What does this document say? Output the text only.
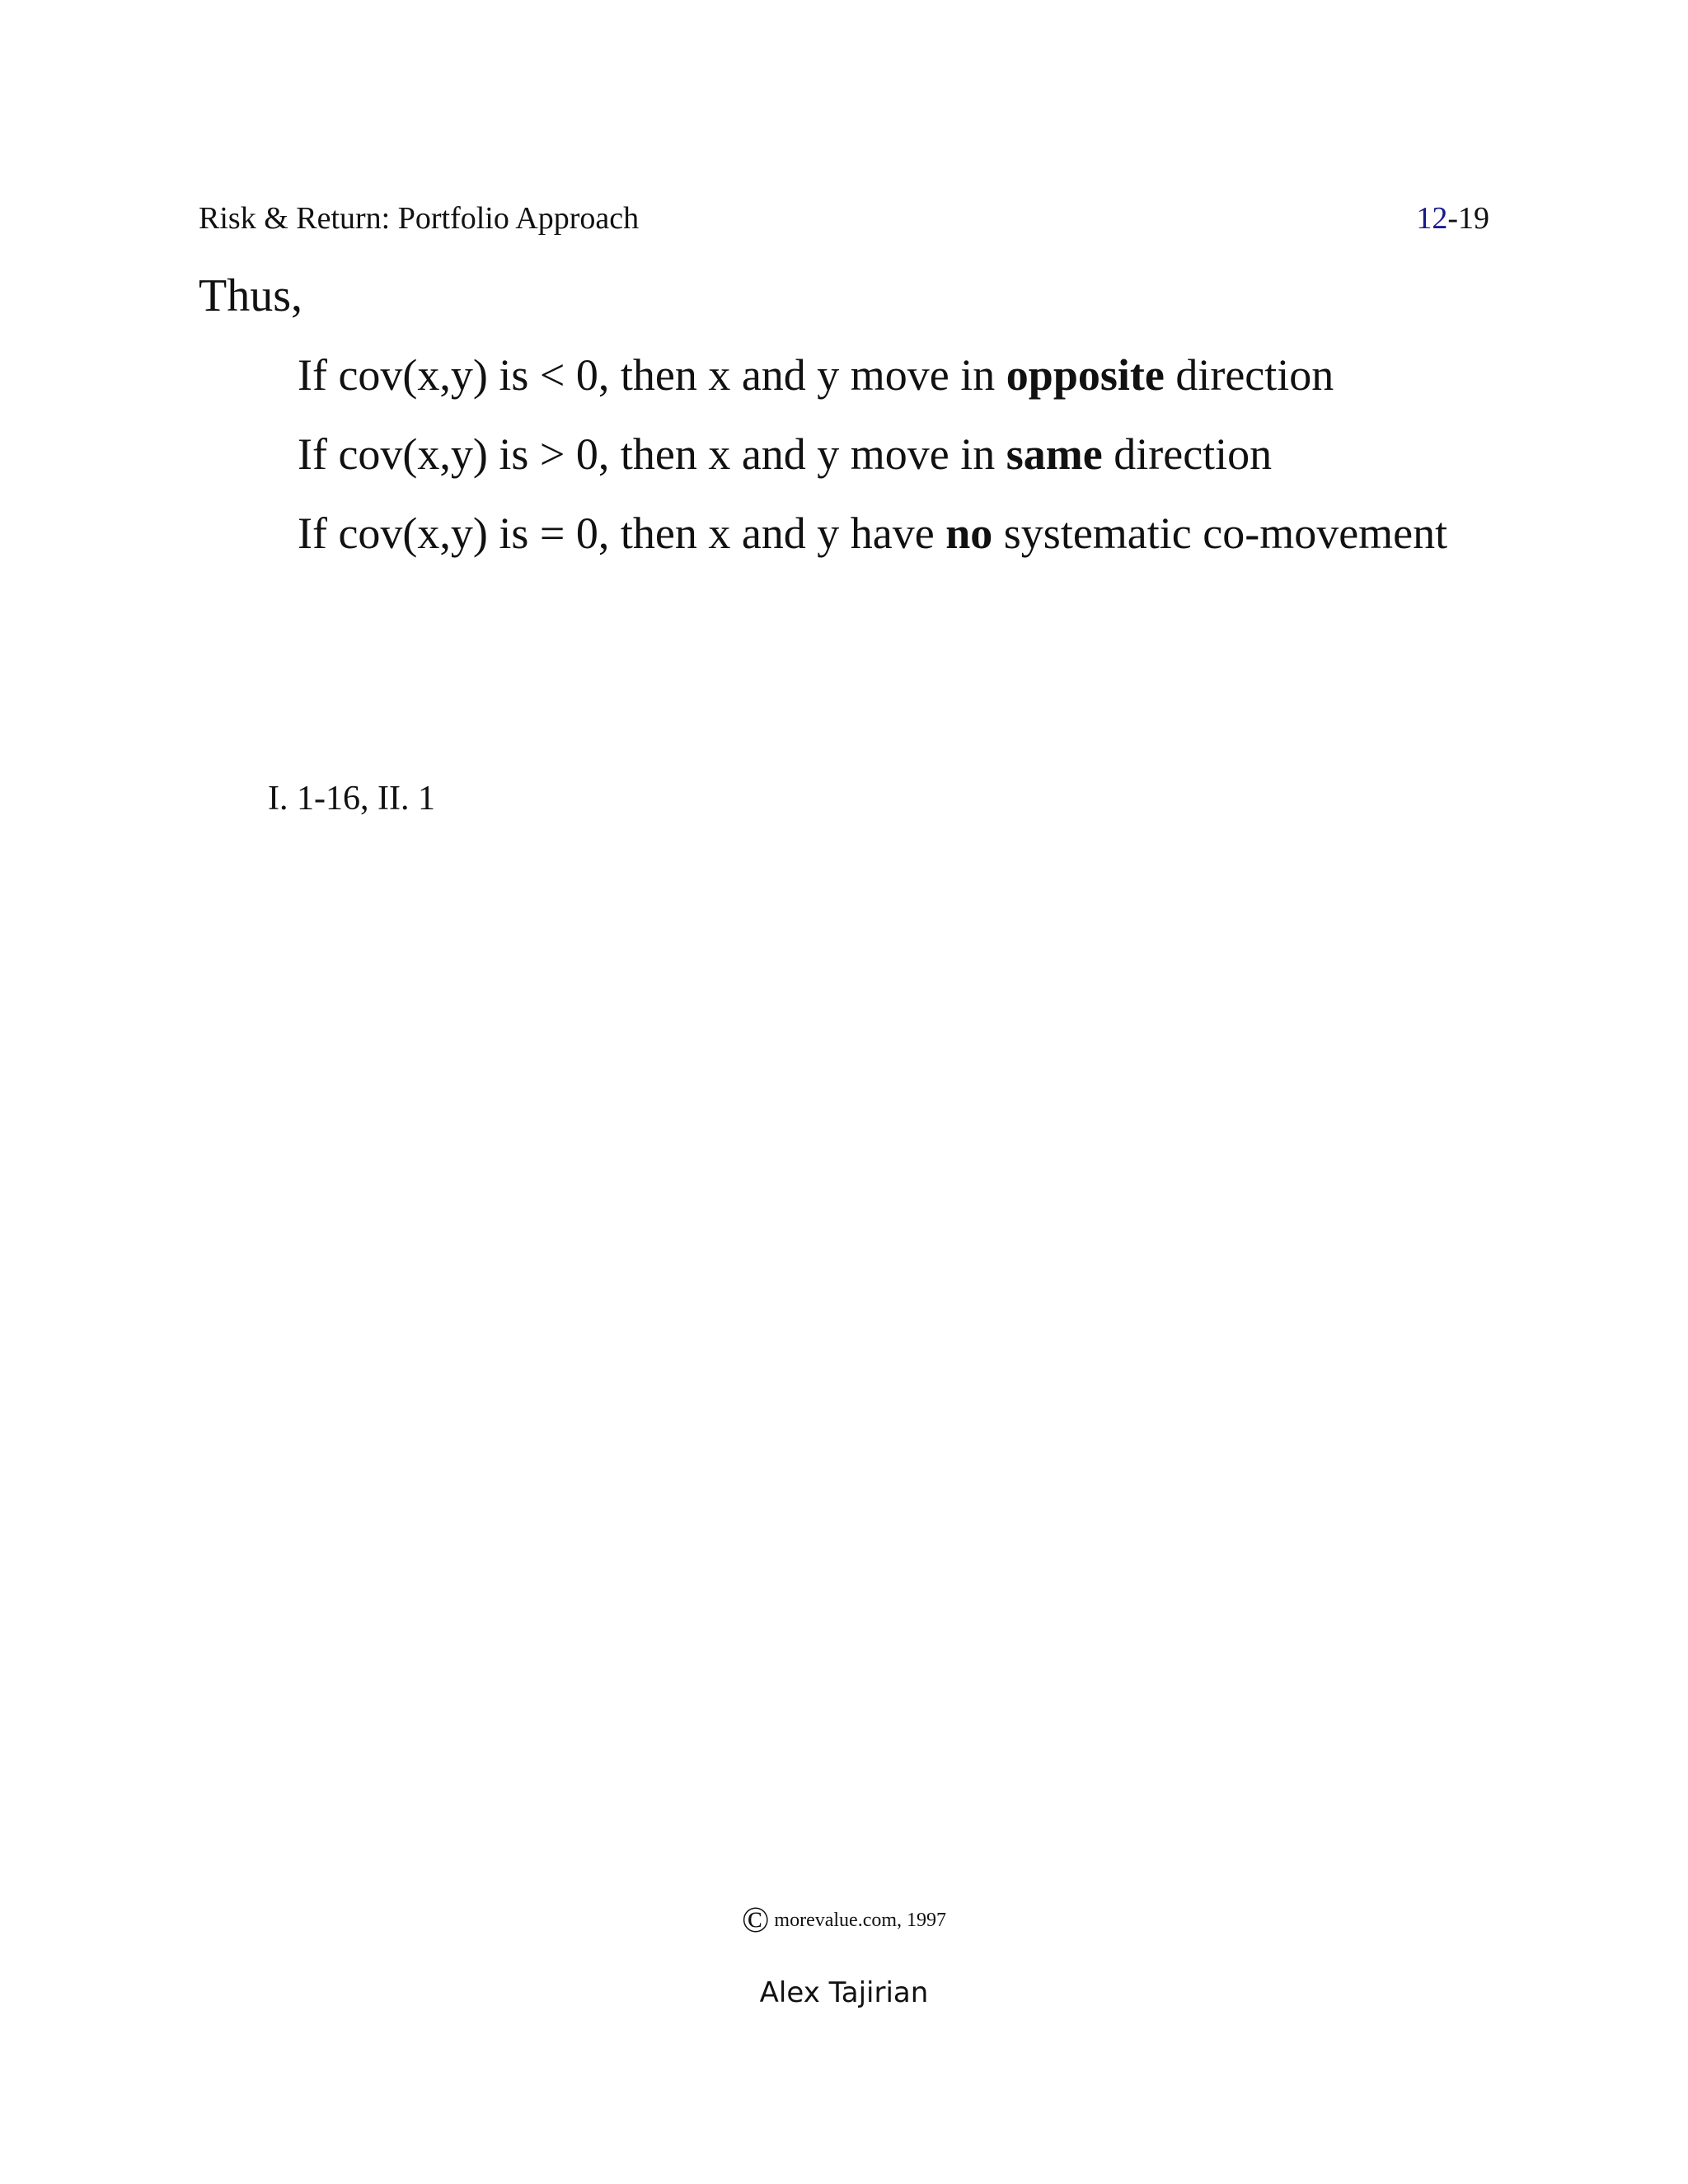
Risk & Return: Portfolio Approach	12-19
Thus,
If cov(x,y) is < 0, then x and y move in opposite direction
If cov(x,y) is > 0, then x and y move in same direction
If cov(x,y) is = 0, then x and y have no systematic co-movement
I. 1-16, II. 1
© morevalue.com, 1997
Alex Tajirian
